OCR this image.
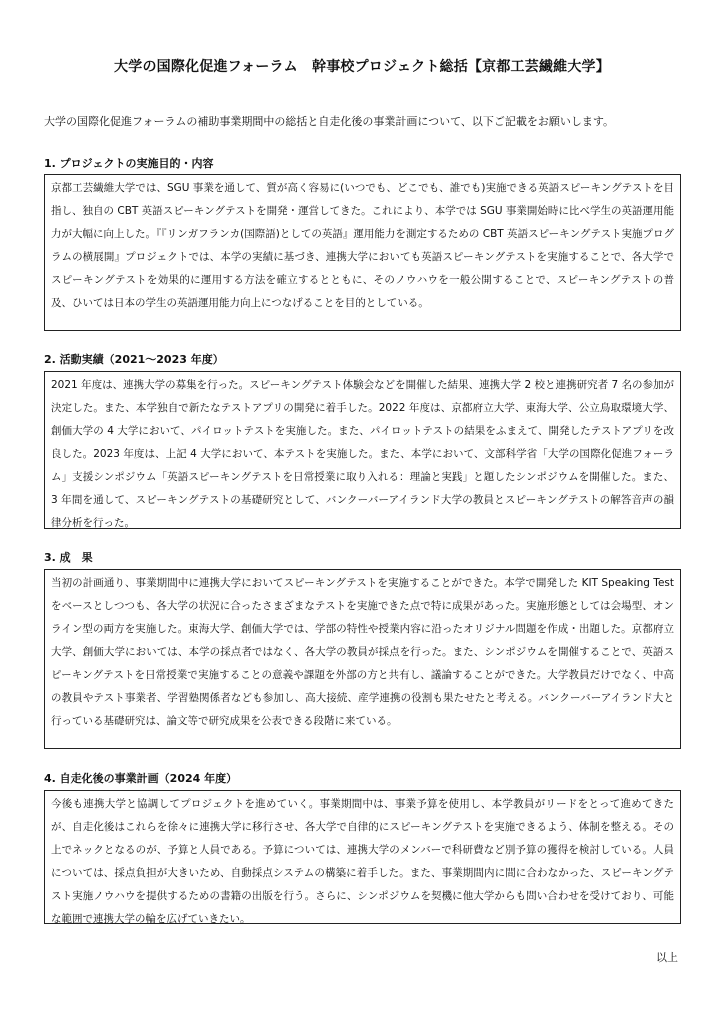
大学の国際化促進フォーラム　幹事校プロジェクト総括【京都工芸繊維大学】
大学の国際化促進フォーラムの補助事業期間中の総括と自走化後の事業計画について、以下ご記載をお願いします。
1. プロジェクトの実施目的・内容

京都工芸繊維大学では、SGU 事業を通して、質が高く容易に(いつでも、どこでも、誰でも)実施できる英語スピーキングテストを目指し、独自の CBT 英語スピーキングテストを開発・運営してきた。これにより、本学では SGU 事業開始時に比べ学生の英語運用能力が大幅に向上した。『『リンガフランカ(国際語)としての英語』運用能力を測定するための CBT 英語スピーキングテスト実施プログラムの横展開』プロジェクトでは、本学の実績に基づき、連携大学においても英語スピーキングテストを実施することで、各大学でスピーキングテストを効果的に運用する方法を確立するとともに、そのノウハウを一般公開することで、スピーキングテストの普及、ひいては日本の学生の英語運用能力向上につなげることを目的としている。

2. 活動実績（2021～2023 年度）

2021 年度は、連携大学の募集を行った。スピーキングテスト体験会などを開催した結果、連携大学 2 校と連携研究者 7 名の参加が決定した。また、本学独自で新たなテストアプリの開発に着手した。2022 年度は、京都府立大学、東海大学、公立鳥取環境大学、創価大学の 4 大学において、パイロットテストを実施した。また、パイロットテストの結果をふまえて、開発したテストアプリを改良した。2023 年度は、上記 4 大学において、本テストを実施した。また、本学において、文部科学省「大学の国際化促進フォーラム」支援シンポジウム「英語スピーキングテストを日常授業に取り入れる：理論と実践」と題したシンポジウムを開催した。また、3 年間を通して、スピーキングテストの基礎研究として、バンクーバーアイランド大学の教員とスピーキングテストの解答音声の韻律分析を行った。

3. 成　果

当初の計画通り、事業期間中に連携大学においてスピーキングテストを実施することができた。本学で開発した KIT Speaking Test をベースとしつつも、各大学の状況に合ったさまざまなテストを実施できた点で特に成果があった。実施形態としては会場型、オンライン型の両方を実施した。東海大学、創価大学では、学部の特性や授業内容に沿ったオリジナル問題を作成・出題した。京都府立大学、創価大学においては、本学の採点者ではなく、各大学の教員が採点を行った。また、シンポジウムを開催することで、英語スピーキングテストを日常授業で実施することの意義や課題を外部の方と共有し、議論することができた。大学教員だけでなく、中高の教員やテスト事業者、学習塾関係者なども参加し、高大接続、産学連携の役割も果たせたと考える。バンクーバーアイランド大と行っている基礎研究は、論文等で研究成果を公表できる段階に来ている。

4. 自走化後の事業計画（2024 年度）

今後も連携大学と協調してプロジェクトを進めていく。事業期間中は、事業予算を使用し、本学教員がリードをとって進めてきたが、自走化後はこれらを徐々に連携大学に移行させ、各大学で自律的にスピーキングテストを実施できるよう、体制を整える。その上でネックとなるのが、予算と人員である。予算については、連携大学のメンバーで科研費など別予算の獲得を検討している。人員については、採点負担が大きいため、自動採点システムの構築に着手した。また、事業期間内に間に合わなかった、スピーキングテスト実施ノウハウを提供するための書籍の出版を行う。さらに、シンポジウムを契機に他大学からも問い合わせを受けており、可能な範囲で連携大学の輪を広げていきたい。

以上
